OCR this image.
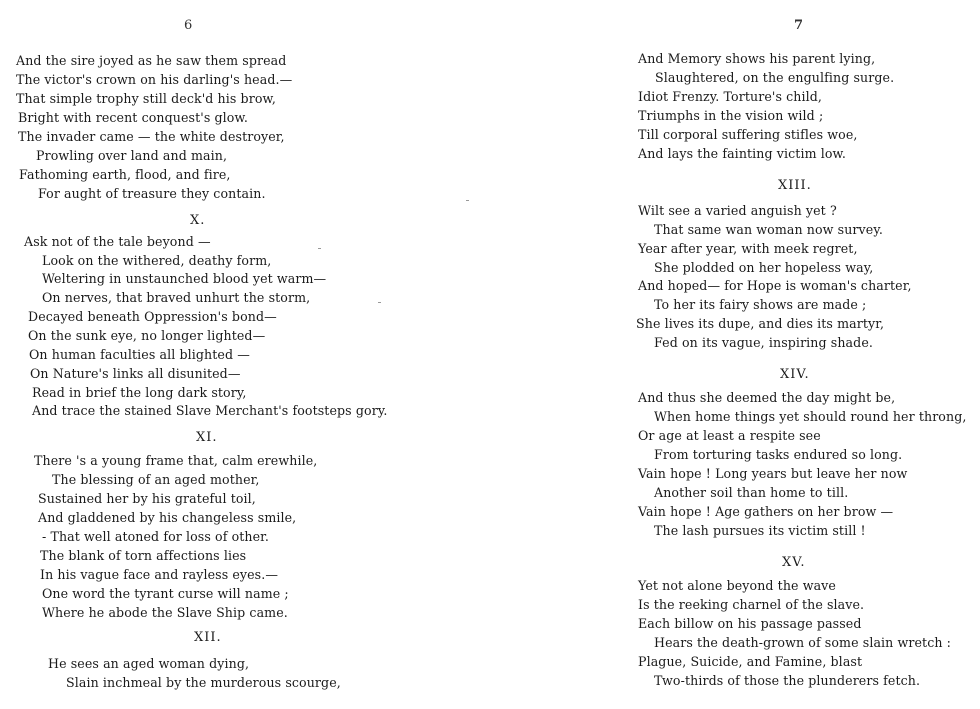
6
And the sire joyed as he saw them spread
The victor's crown on his darling's head.—
That simple trophy still deck'd his brow,
Bright with recent conquest's glow.
The invader came — the white destroyer,
Prowling over land and main,
Fathoming earth, flood, and fire,
For aught of treasure they contain.
X.
Ask not of the tale beyond —
Look on the withered, deathy form,
Weltering in unstaunched blood yet warm—
On nerves, that braved unhurt the storm,
Decayed beneath Oppression's bond—
On the sunk eye, no longer lighted—
On human faculties all blighted —
On Nature's links all disunited—
Read in brief the long dark story,
And trace the stained Slave Merchant's footsteps gory.
XI.
There 's a young frame that, calm erewhile,
The blessing of an aged mother,
Sustained her by his grateful toil,
And gladdened by his changeless smile,
- That well atoned for loss of other.
The blank of torn affections lies
In his vague face and rayless eyes.—
One word the tyrant curse will name ;
Where he abode the Slave Ship came.
XII.
He sees an aged woman dying,
Slain inchmeal by the murderous scourge,
7
And Memory shows his parent lying,
Slaughtered, on the engulfing surge.
Idiot Frenzy. Torture's child,
Triumphs in the vision wild ;
Till corporal suffering stifles woe,
And lays the fainting victim low.
XIII.
Wilt see a varied anguish yet ?
That same wan woman now survey.
Year after year, with meek regret,
She plodded on her hopeless way,
And hoped— for Hope is woman's charter,
To her its fairy shows are made ;
She lives its dupe, and dies its martyr,
Fed on its vague, inspiring shade.
XIV.
And thus she deemed the day might be,
When home things yet should round her throng,
Or age at least a respite see
From torturing tasks endured so long.
Vain hope ! Long years but leave her now
Another soil than home to till.
Vain hope ! Age gathers on her brow —
The lash pursues its victim still !
XV.
Yet not alone beyond the wave
Is the reeking charnel of the slave.
Each billow on his passage passed
Hears the death-grown of some slain wretch :
Plague, Suicide, and Famine, blast
Two-thirds of those the plunderers fetch.
